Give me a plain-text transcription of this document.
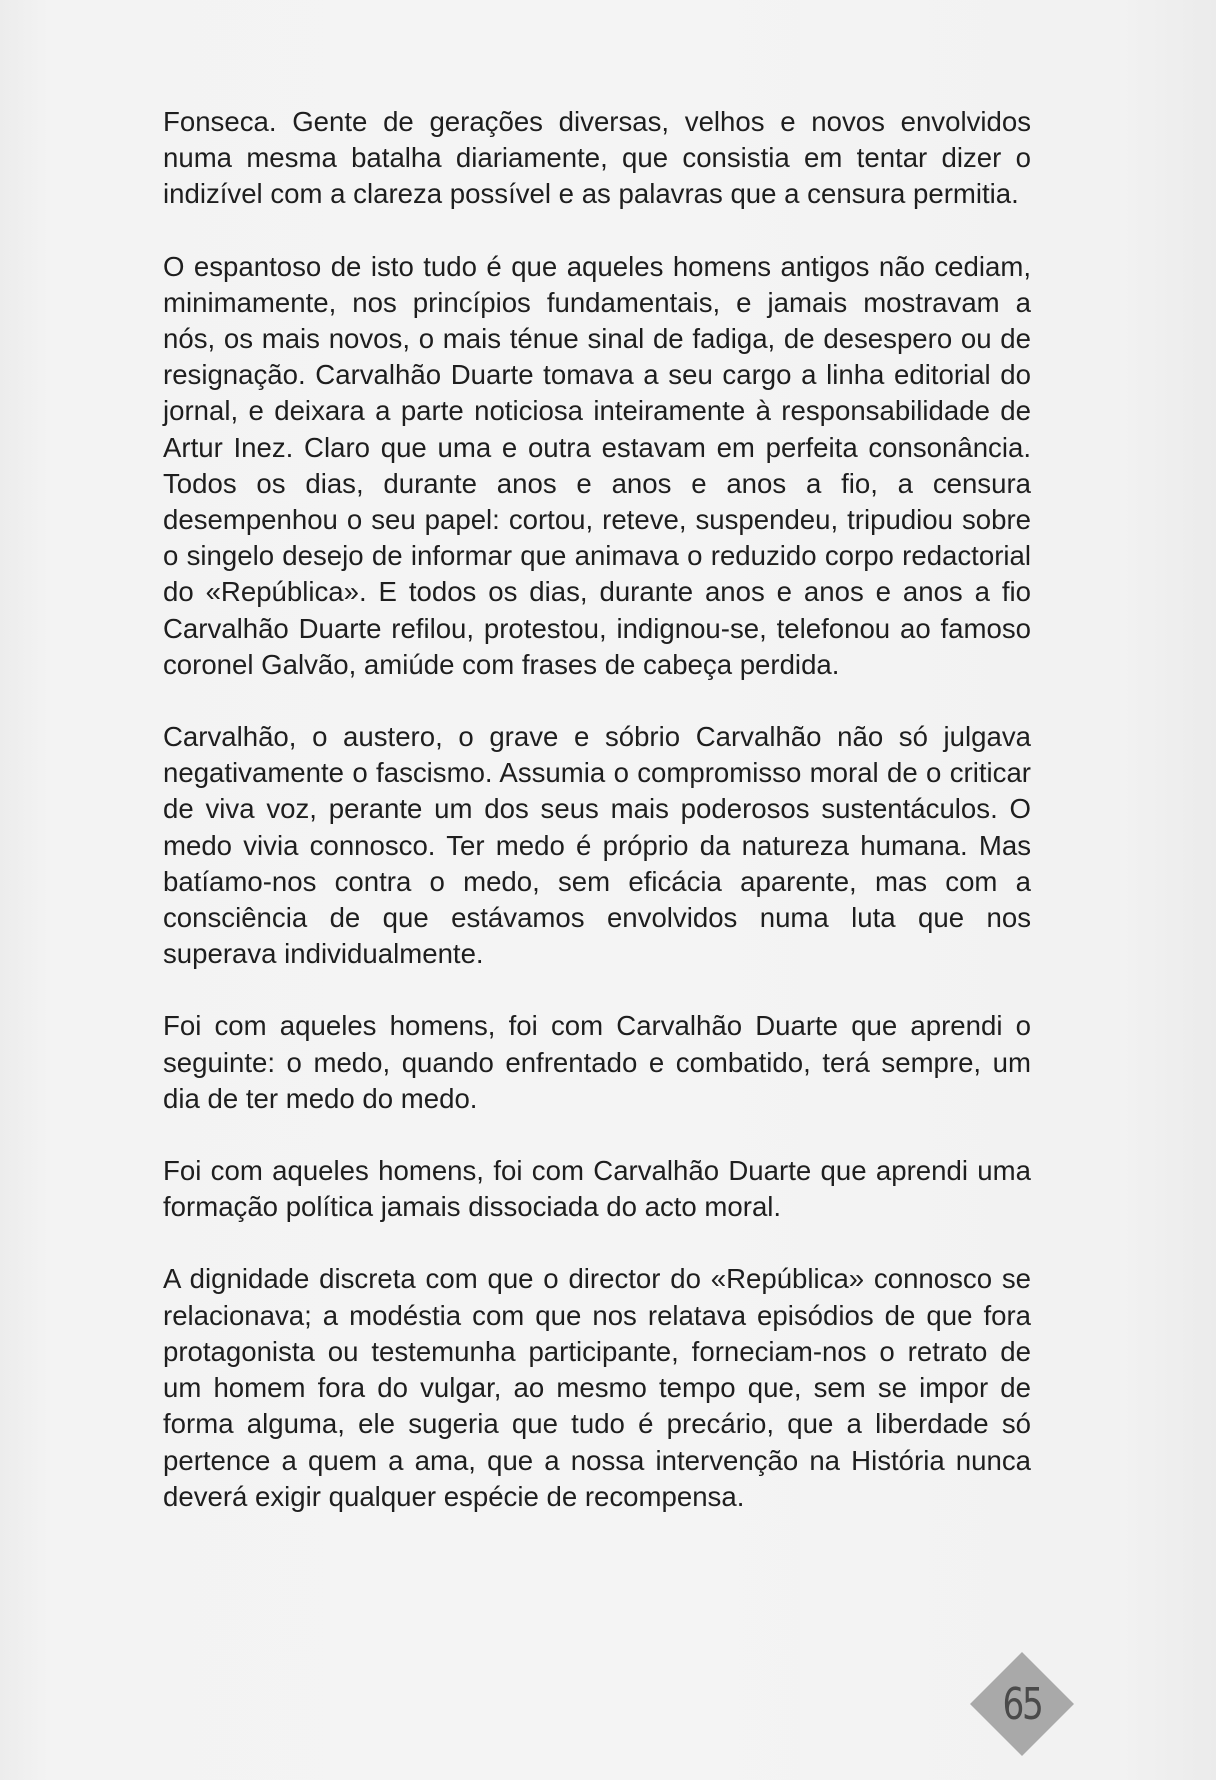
Fonseca. Gente de gerações diversas, velhos e novos envolvidos numa mesma batalha diariamente, que consistia em tentar dizer o indizível com a clareza possível e as palavras que a censura permitia.

O espantoso de isto tudo é que aqueles homens antigos não cediam, minimamente, nos princípios fundamentais, e jamais mostravam a nós, os mais novos, o mais ténue sinal de fadiga, de desespero ou de resignação. Carvalhão Duarte tomava a seu cargo a linha editorial do jornal, e deixara a parte noticiosa inteiramente à responsabilidade de Artur Inez. Claro que uma e outra estavam em perfeita consonância. Todos os dias, durante anos e anos e anos a fio, a censura desempenhou o seu papel: cortou, reteve, suspendeu, tripudiou sobre o singelo desejo de informar que animava o reduzido corpo redactorial do «República». E todos os dias, durante anos e anos e anos a fio Carvalhão Duarte refilou, protestou, indignou-se, telefonou ao famoso coronel Galvão, amiúde com frases de cabeça perdida.

Carvalhão, o austero, o grave e sóbrio Carvalhão não só julgava negativamente o fascismo. Assumia o compromisso moral de o criticar de viva voz, perante um dos seus mais poderosos sustentáculos. O medo vivia connosco. Ter medo é próprio da natureza humana. Mas batíamo-nos contra o medo, sem eficácia aparente, mas com a consciência de que estávamos envolvidos numa luta que nos superava individualmente.

Foi com aqueles homens, foi com Carvalhão Duarte que aprendi o seguinte: o medo, quando enfrentado e combatido, terá sempre, um dia de ter medo do medo.

Foi com aqueles homens, foi com Carvalhão Duarte que aprendi uma formação política jamais dissociada do acto moral.

A dignidade discreta com que o director do «República» connosco se relacionava; a modéstia com que nos relatava episódios de que fora protagonista ou testemunha participante, forneciam-nos o retrato de um homem fora do vulgar, ao mesmo tempo que, sem se impor de forma alguma, ele sugeria que tudo é precário, que a liberdade só pertence a quem a ama, que a nossa intervenção na História nunca deverá exigir qualquer espécie de recompensa.

65
